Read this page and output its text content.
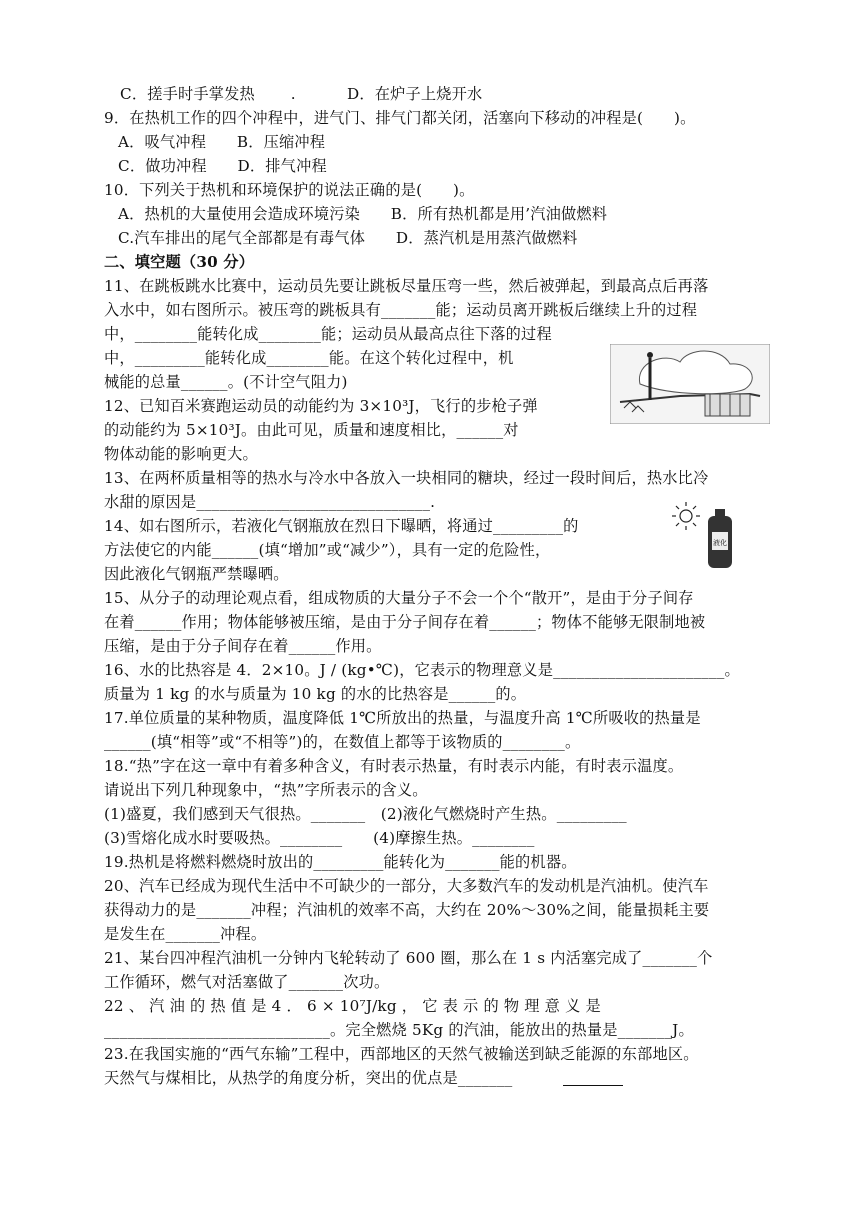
C．搓手时手掌发热　　 .　　　 D．在炉子上烧开水
9．在热机工作的四个冲程中，进气门、排气门都关闭，活塞向下移动的冲程是(　　)。
A．吸气冲程　　B．压缩冲程
C．做功冲程　　D．排气冲程
10．下列关于热机和环境保护的说法正确的是(　　)。
A．热机的大量使用会造成环境污染　　B．所有热机都是用’汽油做燃料
C.汽车排出的尾气全部都是有毒气体　　D．蒸汽机是用蒸汽做燃料
二、填空题（30 分）
11、在跳板跳水比赛中，运动员先要让跳板尽量压弯一些，然后被弹起，到最高点后再落
入水中，如右图所示。被压弯的跳板具有_______能；运动员离开跳板后继续上升的过程
中，________能转化成________能；运动员从最高点往下落的过程
中，_________能转化成________能。在这个转化过程中，机
械能的总量______。(不计空气阻力)
12、已知百米赛跑运动员的动能约为 3×10³J，飞行的步枪子弹
的动能约为 5×10³J。由此可见，质量和速度相比，______对
物体动能的影响更大。
13、在两杯质量相等的热水与冷水中各放入一块相同的糖块，经过一段时间后，热水比冷
水甜的原因是______________________________.
14、如右图所示，若液化气钢瓶放在烈日下曝晒，将通过_________的
方法使它的内能______(填“增加”或“减少”），具有一定的危险性，
因此液化气钢瓶严禁曝晒。
15、从分子的动理论观点看，组成物质的大量分子不会一个个“散开”，是由于分子间存
在着______作用；物体能够被压缩，是由于分子间存在着______；物体不能够无限制地被
压缩，是由于分子间存在着______作用。
16、水的比热容是 4．2×10。J / (kg•℃)，它表示的物理意义是______________________。
质量为 1 kg 的水与质量为 10 kg 的水的比热容是______的。
17.单位质量的某种物质，温度降低 1℃所放出的热量，与温度升高 1℃所吸收的热量是
______(填“相等”或“不相等”)的，在数值上都等于该物质的________。
18.“热”字在这一章中有着多种含义，有时表示热量，有时表示内能，有时表示温度。
请说出下列几种现象中，“热”字所表示的含义。
(1)盛夏，我们感到天气很热。_______　(2)液化气燃烧时产生热。_________
(3)雪熔化成水时要吸热。________　　(4)摩擦生热。________
19.热机是将燃料燃烧时放出的_________能转化为_______能的机器。
20、汽车已经成为现代生活中不可缺少的一部分，大多数汽车的发动机是汽油机。使汽车
获得动力的是_______冲程；汽油机的效率不高，大约在 20%～30%之间，能量损耗主要
是发生在_______冲程。
21、某台四冲程汽油机一分钟内飞轮转动了 600 圈，那么在 1 s 内活塞完成了_______个
工作循环，燃气对活塞做了_______次功。
22 、 汽 油 的 热 值 是 4 ． 6 × 10⁷J/kg ， 它 表 示 的 物 理 意 义 是
_____________________________。完全燃烧 5Kg 的汽油，能放出的热量是_______J。
23.在我国实施的“西气东输”工程中，西部地区的天然气被输送到缺乏能源的东部地区。
天然气与煤相比，从热学的角度分析，突出的优点是_______
液化
